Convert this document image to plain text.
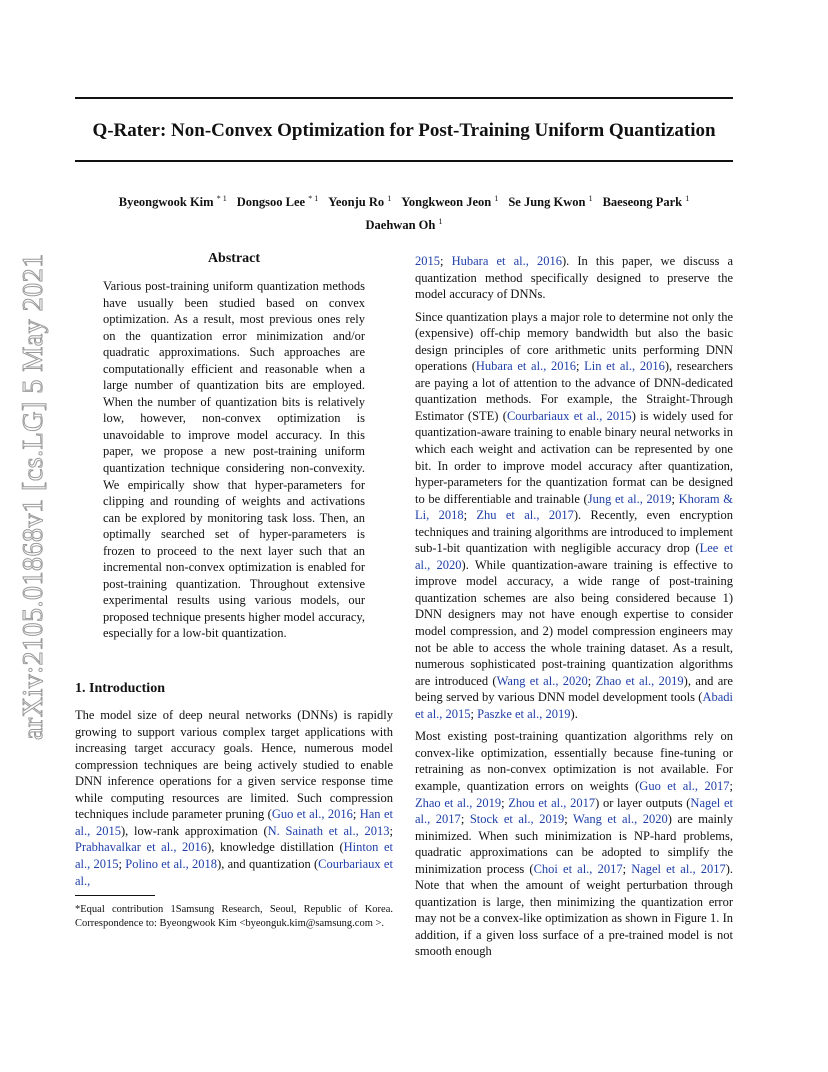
arXiv:2105.01868v1 [cs.LG] 5 May 2021
Q-Rater: Non-Convex Optimization for Post-Training Uniform Quantization
Byeongwook Kim $^{* 1}$ Dongsoo Lee $^{* 1}$ Yeonju Ro $^1$ Yongkweon Jeon $^1$ Se Jung Kwon $^1$ Baeseong Park $^1$
Daehwan Oh $^1$
Abstract

Various post-training uniform quantization methods have usually been studied based on convex optimization. As a result, most previous ones rely on the quantization error minimization and/or quadratic approximations. Such approaches are computationally efficient and reasonable when a large number of quantization bits are employed. When the number of quantization bits is relatively low, however, non-convex optimization is unavoidable to improve model accuracy. In this paper, we propose a new post-training uniform quantization technique considering non-convexity. We empirically show that hyper-parameters for clipping and rounding of weights and activations can be explored by monitoring task loss. Then, an optimally searched set of hyper-parameters is frozen to proceed to the next layer such that an incremental non-convex optimization is enabled for post-training quantization. Throughout extensive experimental results using various models, our proposed technique presents higher model accuracy, especially for a low-bit quantization.

1. Introduction

The model size of deep neural networks (DNNs) is rapidly growing to support various complex target applications with increasing target accuracy goals. Hence, numerous model compression techniques are being actively studied to enable DNN inference operations for a given service response time while computing resources are limited. Such compression techniques include parameter pruning (Guo et al., 2016; Han et al., 2015), low-rank approximation (N. Sainath et al., 2013; Prabhavalkar et al., 2016), knowledge distillation (Hinton et al., 2015; Polino et al., 2018), and quantization (Courbariaux et al.,

2015; Hubara et al., 2016). In this paper, we discuss a quantization method specifically designed to preserve the model accuracy of DNNs.

Since quantization plays a major role to determine not only the (expensive) off-chip memory bandwidth but also the basic design principles of core arithmetic units performing DNN operations (Hubara et al., 2016; Lin et al., 2016), researchers are paying a lot of attention to the advance of DNN-dedicated quantization methods. For example, the Straight-Through Estimator (STE) (Courbariaux et al., 2015) is widely used for quantization-aware training to enable binary neural networks in which each weight and activation can be represented by one bit. In order to improve model accuracy after quantization, hyper-parameters for the quantization format can be designed to be differentiable and trainable (Jung et al., 2019; Khoram & Li, 2018; Zhu et al., 2017). Recently, even encryption techniques and training algorithms are introduced to implement sub-1-bit quantization with negligible accuracy drop (Lee et al., 2020). While quantization-aware training is effective to improve model accuracy, a wide range of post-training quantization schemes are also being considered because 1) DNN designers may not have enough expertise to consider model compression, and 2) model compression engineers may not be able to access the whole training dataset. As a result, numerous sophisticated post-training quantization algorithms are introduced (Wang et al., 2020; Zhao et al., 2019), and are being served by various DNN model development tools (Abadi et al., 2015; Paszke et al., 2019).

Most existing post-training quantization algorithms rely on convex-like optimization, essentially because fine-tuning or retraining as non-convex optimization is not available. For example, quantization errors on weights (Guo et al., 2017; Zhao et al., 2019; Zhou et al., 2017) or layer outputs (Nagel et al., 2017; Stock et al., 2019; Wang et al., 2020) are mainly minimized. When such minimization is NP-hard problems, quadratic approximations can be adopted to simplify the minimization process (Choi et al., 2017; Nagel et al., 2017). Note that when the amount of weight perturbation through quantization is large, then minimizing the quantization error may not be a convex-like optimization as shown in Figure 1. In addition, if a given loss surface of a pre-trained model is not smooth enough

*Equal contribution 1Samsung Research, Seoul, Republic of Korea. Correspondence to: Byeongwook Kim <byeonguk.kim@samsung.com >.
